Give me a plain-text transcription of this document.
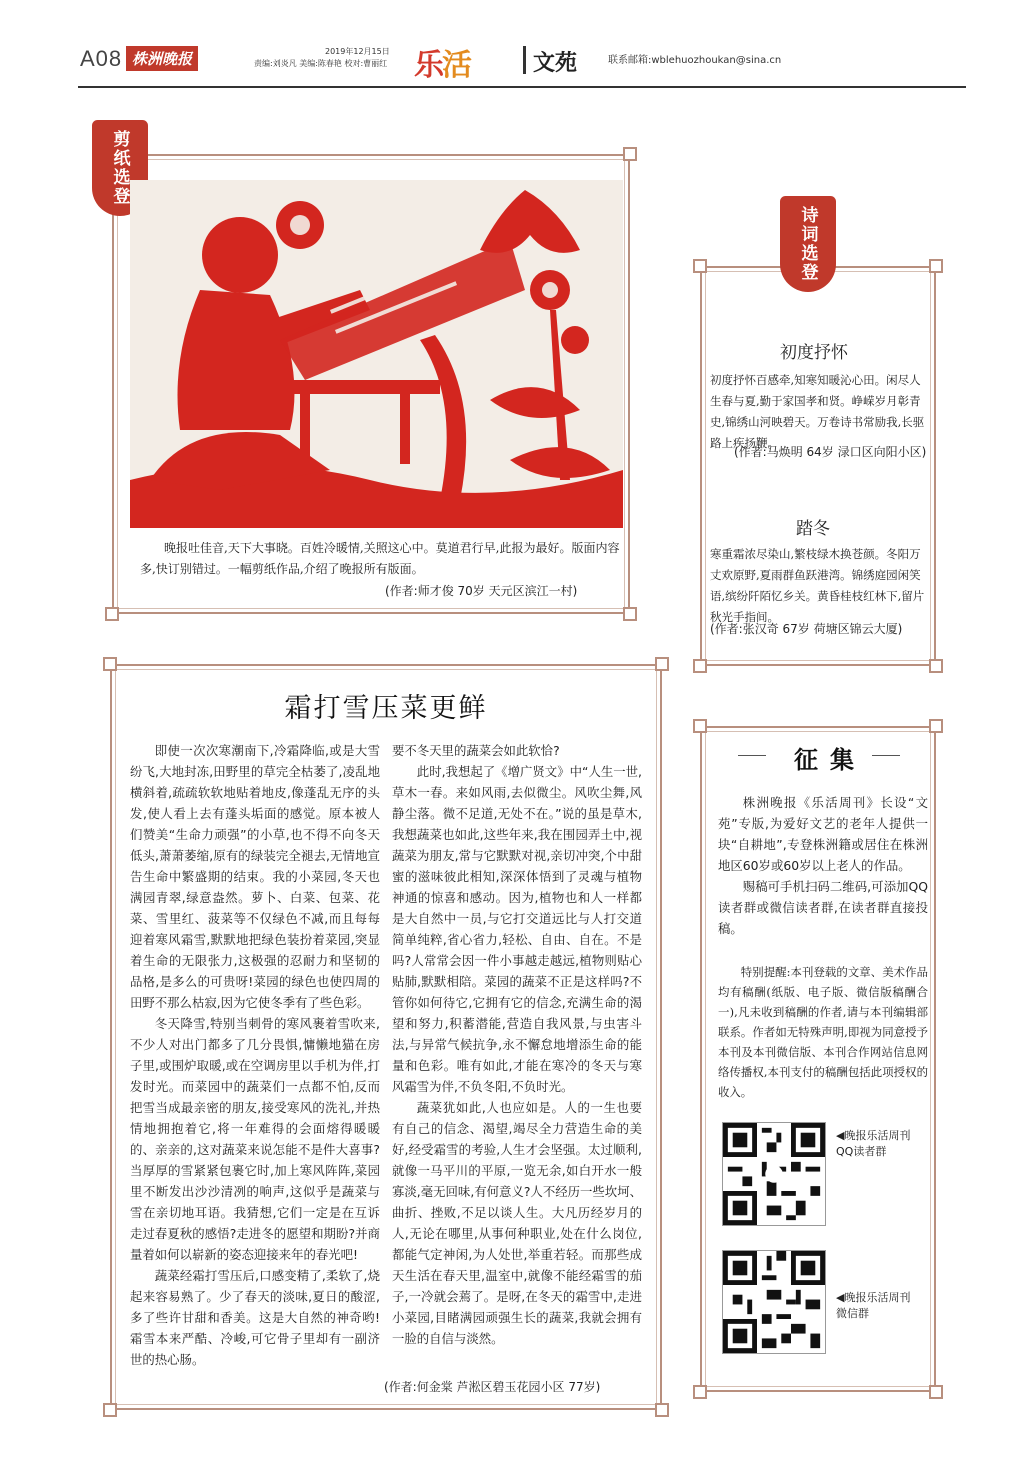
A08 株洲晚报	2019年12月15日
责编:刘炎凡 美编:陈春艳 校对:曹丽红 乐活	文苑	联系邮箱:wblehuozhoukan@sina.cn
剪纸选登

晚报吐佳音,天下大事晓。百姓冷暖情,关照这心中。莫道君行早,此报为最好。版面内容多,快订别错过。一幅剪纸作品,介绍了晚报所有版面。

(作者:师才俊 70岁 天元区滨江一村)
诗词选登
初度抒怀

初度抒怀百感牵,知寒知暖沁心田。闲尽人生春与夏,勤于家国孝和贤。峥嵘岁月彰青史,锦绣山河映碧天。万卷诗书常励我,长驱路上疾扬鞭。

(作者:马焕明 64岁 渌口区向阳小区)

踏冬

寒重霜浓尽染山,繁枝绿木换苍颜。冬阳万丈欢原野,夏雨群鱼跃港湾。锦绣庭园闲笑语,缤纷阡陌忆乡关。黄昏桂枝红林下,留片秋光手指间。

(作者:张汉奇 67岁 荷塘区锦云大厦)

霜打雪压菜更鲜

即使一次次寒潮南下,冷霜降临,或是大雪纷飞,大地封冻,田野里的草完全枯萎了,凌乱地横斜着,疏疏软软地贴着地皮,像蓬乱无序的头发,使人看上去有蓬头垢面的感觉。原本被人们赞美“生命力顽强”的小草,也不得不向冬天低头,萧萧萎缩,原有的绿装完全褪去,无情地宣告生命中繁盛期的结束。我的小菜园,冬天也满园青翠,绿意盎然。萝卜、白菜、包菜、花菜、雪里红、菠菜等不仅绿色不减,而且每每迎着寒风霜雪,默默地把绿色装扮着菜园,突显着生命的无限张力,这极强的忍耐力和坚韧的品格,是多么的可贵呀!菜园的绿色也使四周的田野不那么枯寂,因为它使冬季有了些色彩。

冬天降雪,特别当刺骨的寒风裹着雪吹来,不少人对出门都多了几分畏惧,慵懒地猫在房子里,或围炉取暖,或在空调房里以手机为伴,打发时光。而菜园中的蔬菜们一点都不怕,反而把雪当成最亲密的朋友,接受寒风的洗礼,并热情地拥抱着它,将一年难得的会面熔得暖暖的、亲亲的,这对蔬菜来说怎能不是件大喜事?当厚厚的雪紧紧包裹它时,加上寒风阵阵,菜园里不断发出沙沙清冽的响声,这似乎是蔬菜与雪在亲切地耳语。我猜想,它们一定是在互诉走过春夏秋的感悟?走进冬的愿望和期盼?并商量着如何以崭新的姿态迎接来年的春光吧!

蔬菜经霜打雪压后,口感变精了,柔软了,烧起来容易熟了。少了春天的淡味,夏日的酸涩,多了些许甘甜和香美。这是大自然的神奇哟!霜雪本来严酷、冷峻,可它骨子里却有一副济世的热心肠。

要不冬天里的蔬菜会如此软恰?

此时,我想起了《增广贤文》中“人生一世,草木一春。来如风雨,去似微尘。风吹尘舞,风静尘落。微不足道,无处不在。”说的虽是草木,我想蔬菜也如此,这些年来,我在围园弄土中,视蔬菜为朋友,常与它默默对视,亲切冲突,个中甜蜜的滋味彼此相知,深深体悟到了灵魂与植物神通的惊喜和感动。因为,植物也和人一样都是大自然中一员,与它打交道远比与人打交道简单纯粹,省心省力,轻松、自由、自在。不是吗?人常常会因一件小事越走越远,植物则贴心贴肺,默默相陪。菜园的蔬菜不正是这样吗?不管你如何待它,它拥有它的信念,充满生命的渴望和努力,积蓄潜能,营造自我风景,与虫害斗法,与异常气候抗争,永不懈怠地增添生命的能量和色彩。唯有如此,才能在寒冷的冬天与寒风霜雪为伴,不负冬阳,不负时光。

蔬菜犹如此,人也应如是。人的一生也要有自己的信念、渴望,竭尽全力营造生命的美好,经受霜雪的考验,人生才会坚强。太过顺利,就像一马平川的平原,一览无余,如白开水一般寡淡,毫无回味,有何意义?人不经历一些坎坷、曲折、挫败,不足以谈人生。大凡历经岁月的人,无论在哪里,从事何种职业,处在什么岗位,都能气定神闲,为人处世,举重若轻。而那些成天生活在春天里,温室中,就像不能经霜雪的茄子,一冷就会蔫了。是呀,在冬天的霜雪中,走进小菜园,目睹满园顽强生长的蔬菜,我就会拥有一脸的自信与淡然。

(作者:何金棠 芦淞区碧玉花园小区 77岁)
征集

株洲晚报《乐活周刊》长设“文苑”专版,为爱好文艺的老年人提供一块“自耕地”,专登株洲籍或居住在株洲地区60岁或60岁以上老人的作品。

赐稿可手机扫码二维码,可添加QQ读者群或微信读者群,在读者群直接投稿。

特别提醒:本刊登载的文章、美术作品均有稿酬(纸版、电子版、微信版稿酬合一),凡未收到稿酬的作者,请与本刊编辑部联系。作者如无特殊声明,即视为同意授予本刊及本刊微信版、本刊合作网站信息网络传播权,本刊支付的稿酬包括此项授权的收入。

◀晚报乐活周刊QQ读者群
◀晚报乐活周刊微信群
